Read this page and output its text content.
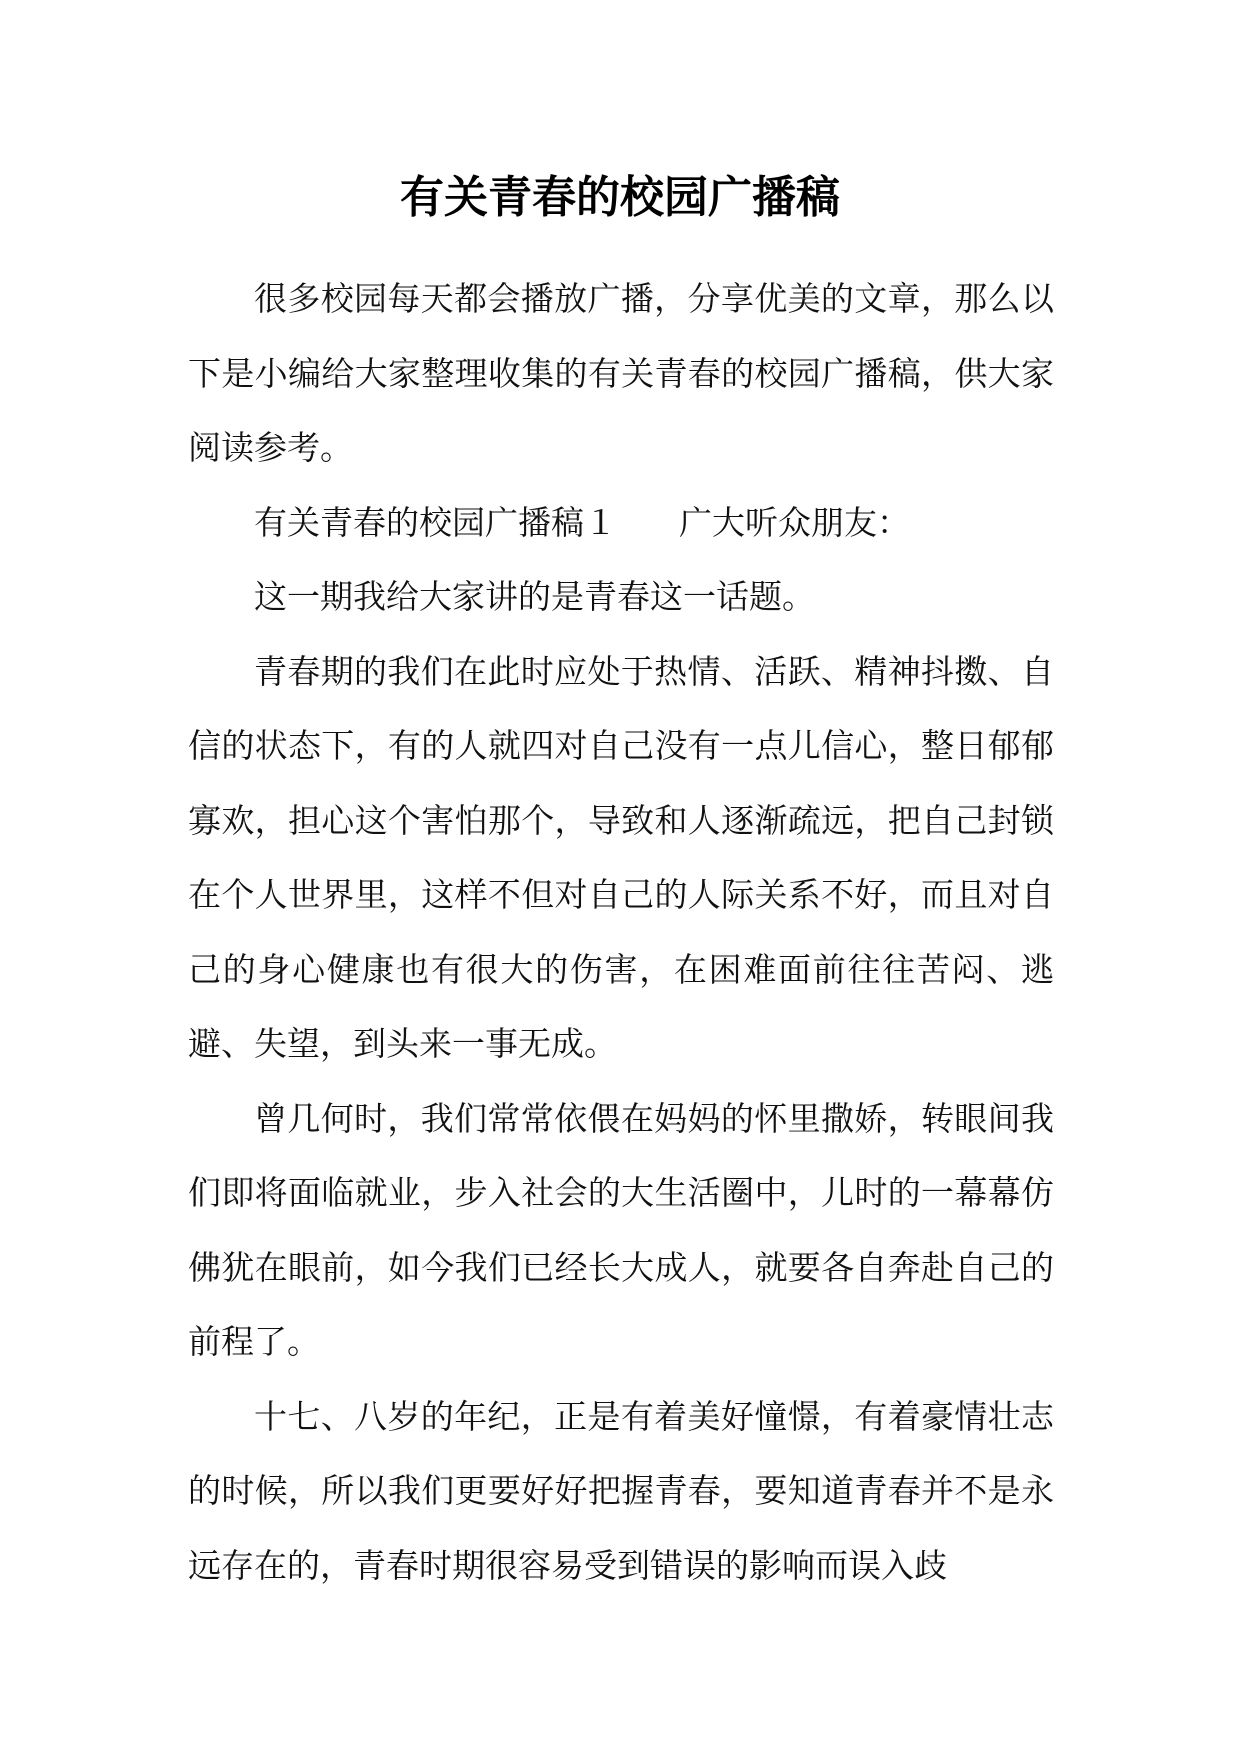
有关青春的校园广播稿

很多校园每天都会播放广播，分享优美的文章，那么以下是小编给大家整理收集的有关青春的校园广播稿，供大家阅读参考。

有关青春的校园广播稿１ 广大听众朋友：

这一期我给大家讲的是青春这一话题。

青春期的我们在此时应处于热情、活跃、精神抖擞、自信的状态下，有的人就四对自己没有一点儿信心，整日郁郁寡欢，担心这个害怕那个，导致和人逐渐疏远，把自己封锁在个人世界里，这样不但对自己的人际关系不好，而且对自己的身心健康也有很大的伤害，在困难面前往往苦闷、逃避、失望，到头来一事无成。

曾几何时，我们常常依偎在妈妈的怀里撒娇，转眼间我们即将面临就业，步入社会的大生活圈中，儿时的一幕幕仿佛犹在眼前，如今我们已经长大成人，就要各自奔赴自己的前程了。

十七、八岁的年纪，正是有着美好憧憬，有着豪情壮志的时候，所以我们更要好好把握青春，要知道青春并不是永远存在的，青春时期很容易受到错误的影响而误入歧
